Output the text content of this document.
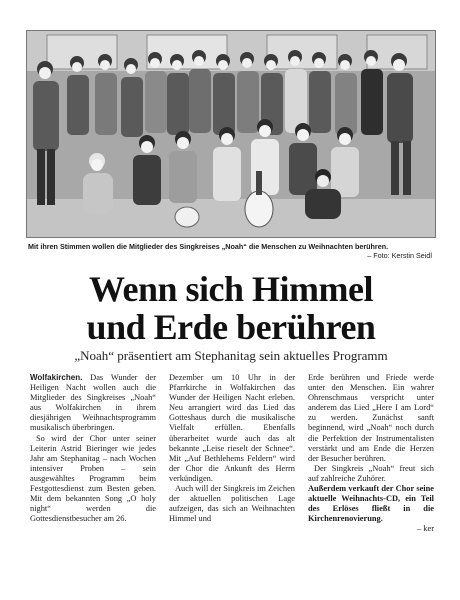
Mit ihren Stimmen wollen die Mitglieder des Singkreises „Noah“ die Menschen zu Weihnachten berühren.
– Foto: Kerstin Seidl
Wenn sich Himmel
und Erde berühren
„Noah“ präsentiert am Stephanitag sein aktuelles Programm

Wolfakirchen. Das Wunder der Heiligen Nacht wollen auch die Mitglieder des Singkreises „Noah“ aus Wolfakirchen in ihrem diesjährigen Weihnachtsprogramm musikalisch überbringen.

So wird der Chor unter seiner Leiterin Astrid Bieringer wie jedes Jahr am Stephanitag – nach Wochen intensiver Proben – sein ausgewähltes Programm beim Festgottesdienst zum Besten geben. Mit dem bekannten Song „O holy night“ werden die Gottesdienstbesucher am 26.

Dezember um 10 Uhr in der Pfarrkirche in Wolfakirchen das Wunder der Heiligen Nacht erleben. Neu arrangiert wird das Lied das Gotteshaus durch die musikalische Vielfalt erfüllen. Ebenfalls überarbeitet wurde auch das alt bekannte „Leise rieselt der Schnee“. Mit „Auf Bethlehems Feldern“ wird der Chor die Ankunft des Herrn verkündigen.

Auch will der Singkreis im Zeichen der aktuellen politischen Lage aufzeigen, das sich an Weihnachten Himmel und

Erde berühren und Friede werde unter den Menschen. Ein wahrer Ohrenschmaus verspricht unter anderem das Lied „Here I am Lord“ zu werden. Zunächst sanft beginnend, wird „Noah“ noch durch die Perfektion der Instrumentalisten verstärkt und am Ende die Herzen der Besucher berühren.

Der Singkreis „Noah“ freut sich auf zahlreiche Zuhörer.

Außerdem verkauft der Chor seine aktuelle Weihnachts-CD, ein Teil des Erlöses fließt in die Kirchenrenovierung.

– ker
